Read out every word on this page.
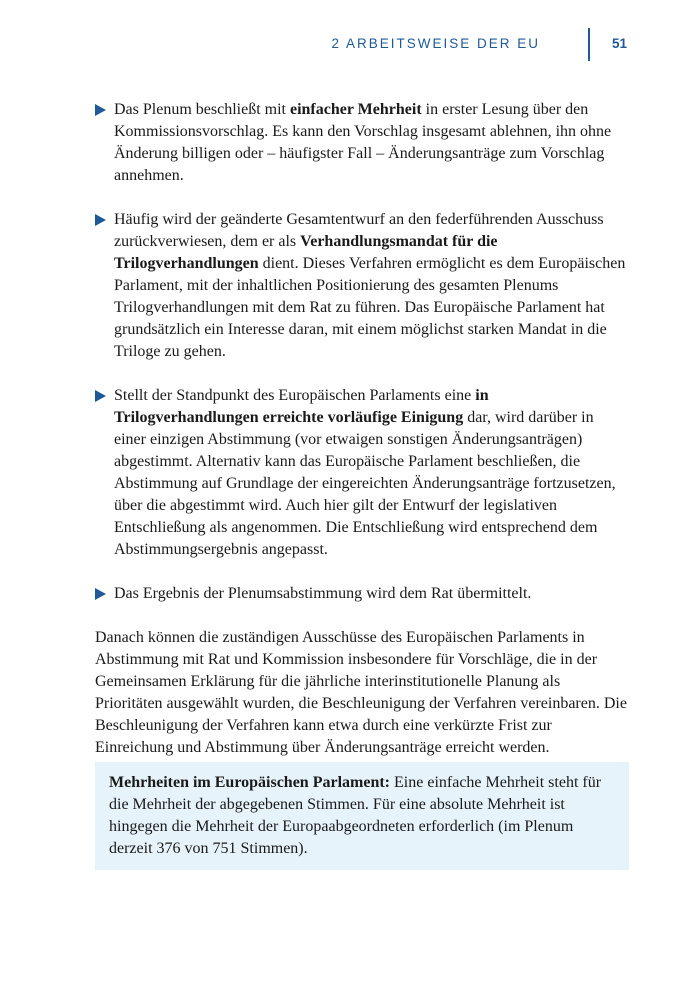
2 ARBEITSWEISE DER EU	51
Das Plenum beschließt mit einfacher Mehrheit in erster Lesung über den Kommissionsvorschlag. Es kann den Vorschlag insgesamt ablehnen, ihn ohne Änderung billigen oder – häufigster Fall – Änderungsanträge zum Vorschlag annehmen.
Häufig wird der geänderte Gesamtentwurf an den federführenden Ausschuss zurückverwiesen, dem er als Verhandlungsmandat für die Trilogverhandlungen dient. Dieses Verfahren ermöglicht es dem Europäischen Parlament, mit der inhaltlichen Positionierung des gesamten Plenums Trilogverhandlungen mit dem Rat zu führen. Das Europäische Parlament hat grundsätzlich ein Interesse daran, mit einem möglichst starken Mandat in die Triloge zu gehen.
Stellt der Standpunkt des Europäischen Parlaments eine in Trilogverhandlungen erreichte vorläufige Einigung dar, wird darüber in einer einzigen Abstimmung (vor etwaigen sonstigen Änderungsanträgen) abgestimmt. Alternativ kann das Europäische Parlament beschließen, die Abstimmung auf Grundlage der eingereichten Änderungsanträge fortzusetzen, über die abgestimmt wird. Auch hier gilt der Entwurf der legislativen Entschließung als angenommen. Die Entschließung wird entsprechend dem Abstimmungsergebnis angepasst.
Das Ergebnis der Plenumsabstimmung wird dem Rat übermittelt.

Danach können die zuständigen Ausschüsse des Europäischen Parlaments in Abstimmung mit Rat und Kommission insbesondere für Vorschläge, die in der Gemeinsamen Erklärung für die jährliche interinstitutionelle Planung als Prioritäten ausgewählt wurden, die Beschleunigung der Verfahren vereinbaren. Die Beschleunigung der Verfahren kann etwa durch eine verkürzte Frist zur Einreichung und Abstimmung über Änderungsanträge erreicht werden.

Mehrheiten im Europäischen Parlament: Eine einfache Mehrheit steht für die Mehrheit der abgegebenen Stimmen. Für eine absolute Mehrheit ist hingegen die Mehrheit der Europaabgeordneten erforderlich (im Plenum derzeit 376 von 751 Stimmen).
